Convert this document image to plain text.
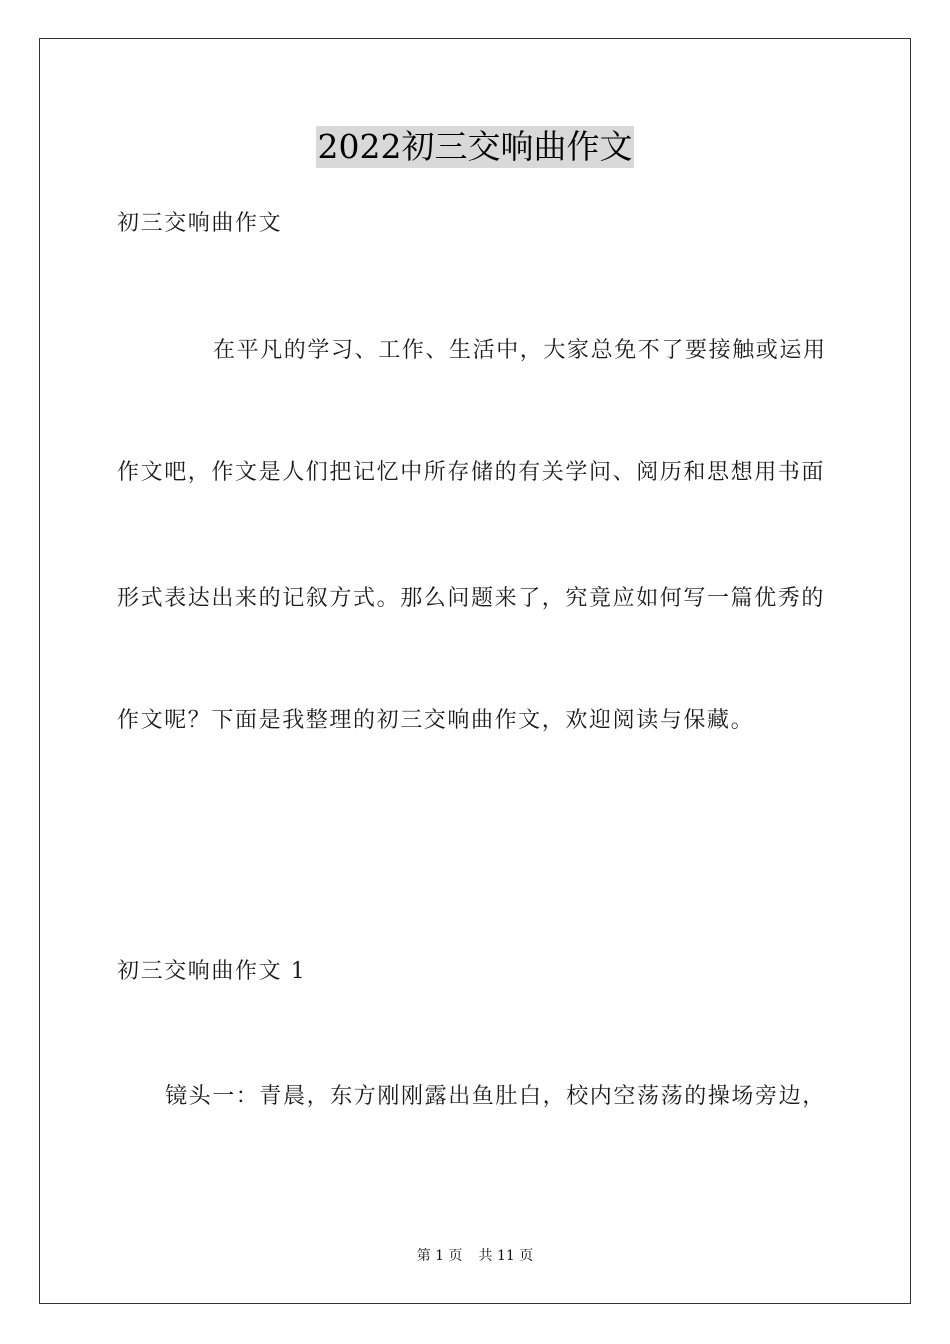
2022初三交响曲作文
初三交响曲作文
在平凡的学习、工作、生活中，大家总免不了要接触或运用
作文吧，作文是人们把记忆中所存储的有关学问、阅历和思想用书面
形式表达出来的记叙方式。那么问题来了，究竟应如何写一篇优秀的
作文呢？下面是我整理的初三交响曲作文，欢迎阅读与保藏。
初三交响曲作文 1
镜头一：青晨，东方刚刚露出鱼肚白，校内空荡荡的操场旁边，
第 1 页 共 11 页
